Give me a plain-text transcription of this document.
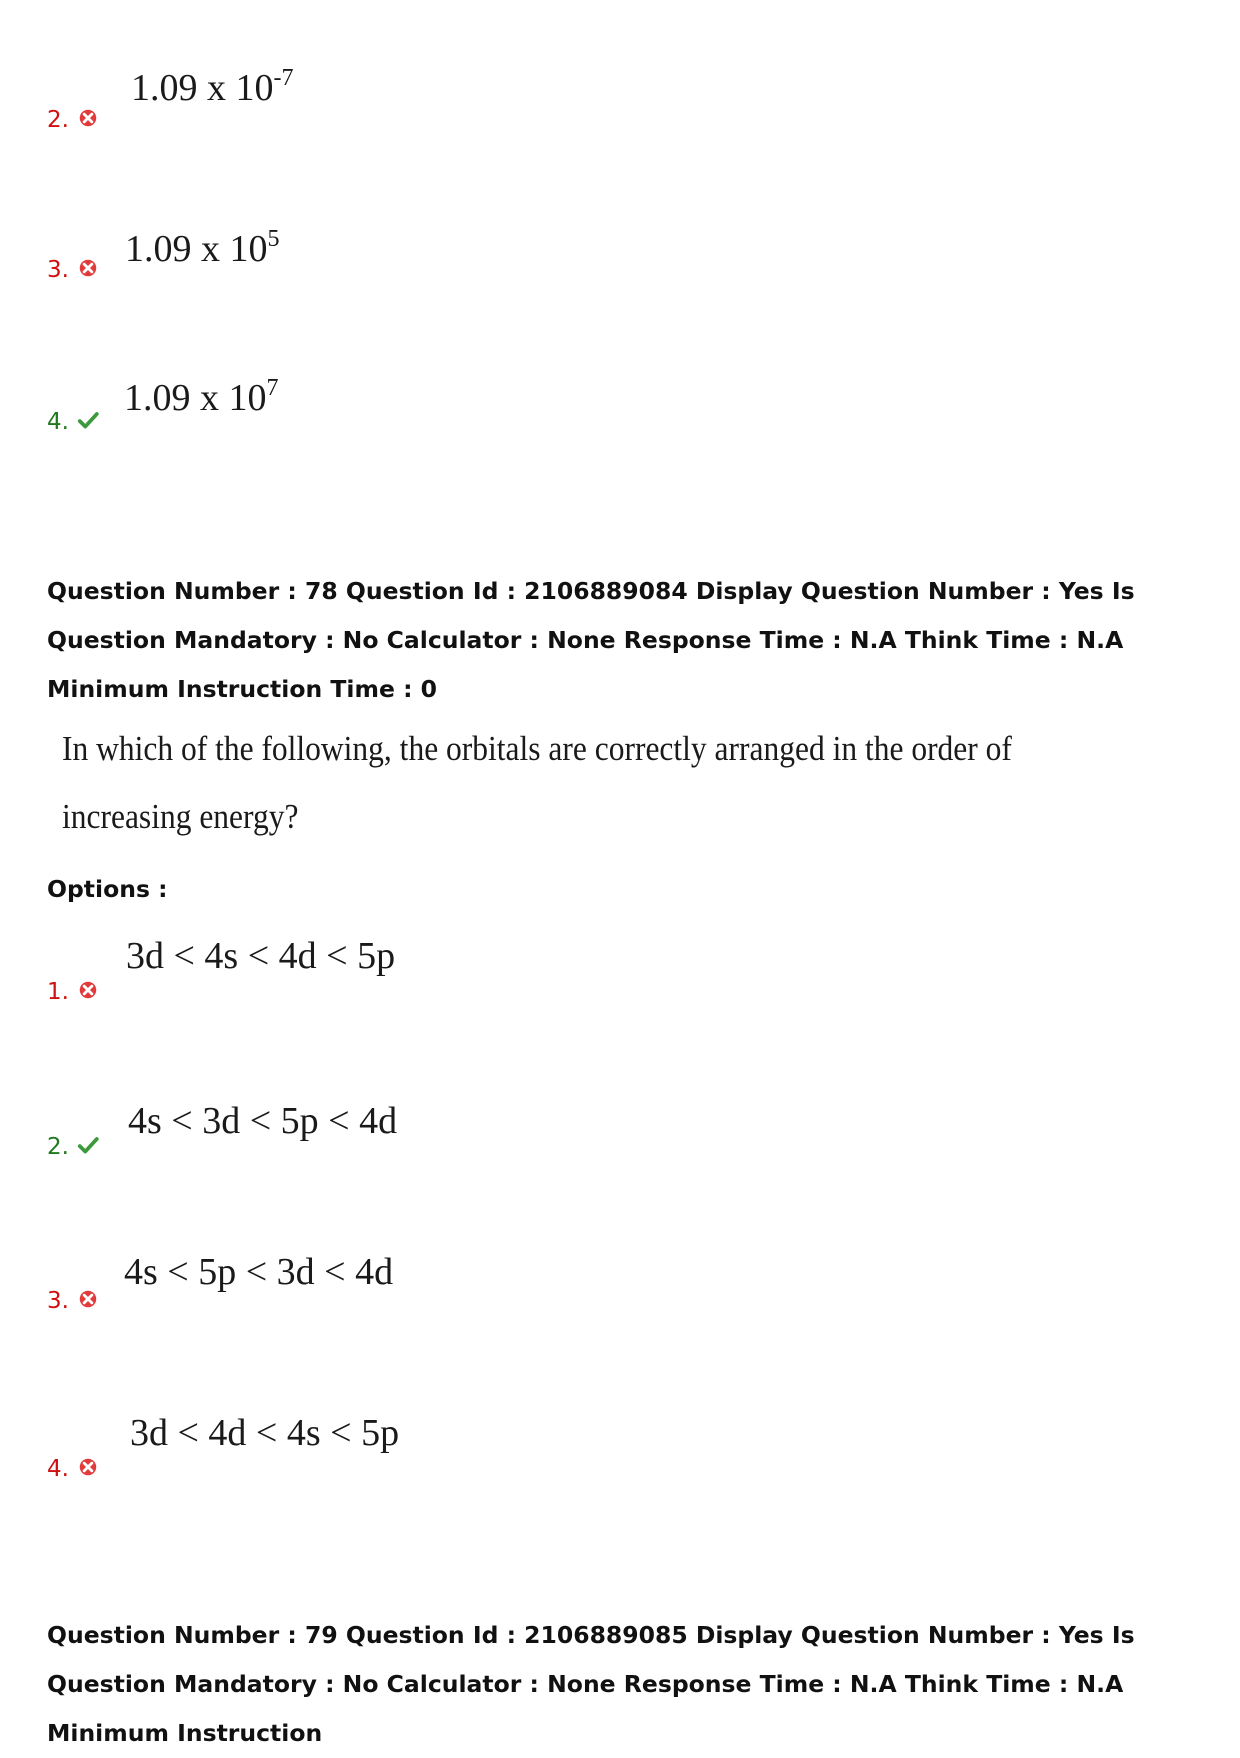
2.
1.09 x $10^{-7}$
3.	1.09 x $10^5$
4.
1.09 x $10^7$

Question Number : 78 Question Id : 2106889084 Display Question Number : Yes Is Question Mandatory : No Calculator : None Response Time : N.A Think Time : N.A Minimum Instruction Time : 0

In which of the following, the orbitals are correctly arranged in the order of
increasing energy?
Options :
1.
3d < 4s < 4d < 5p
2.
4s < 3d < 5p < 4d
3.
4s < 5p < 3d < 4d
4.
3d < 4d < 4s < 5p

Question Number : 79 Question Id : 2106889085 Display Question Number : Yes Is Question Mandatory : No Calculator : None Response Time : N.A Think Time : N.A Minimum Instruction
